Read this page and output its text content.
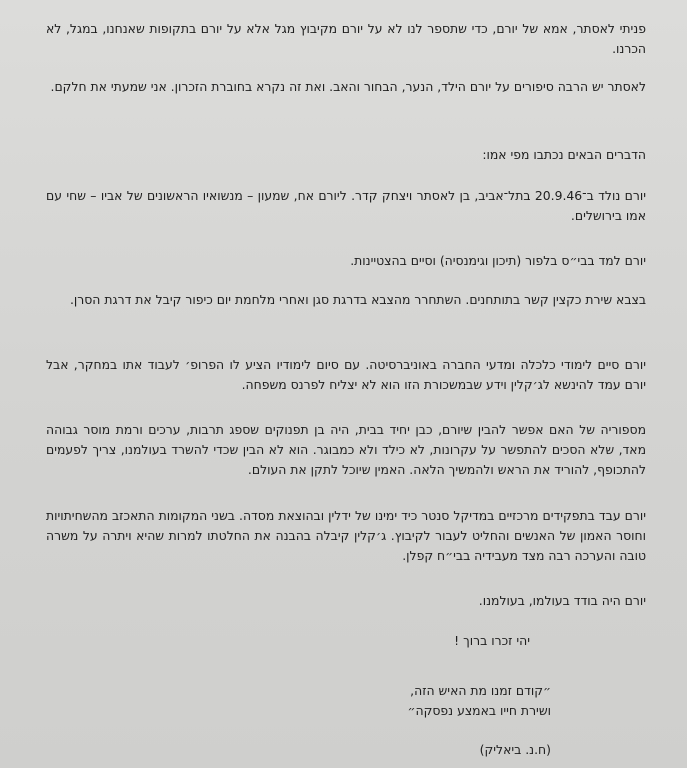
פניתי לאסתר, אמא של יורם, כדי שתספר לנו לא על יורם מקיבוץ מגל אלא על יורם בתקופות שאנחנו, במגל, לא הכרנו.

לאסתר יש הרבה סיפורים על יורם הילד, הנער, הבחור והאב. ואת זה נקרא בחוברת הזכרון. אני שמעתי את חלקם.

הדברים הבאים נכתבו מפי אמו:

יורם נולד ב־20.9.46 בתל־אביב, בן לאסתר ויצחק קדר. ליורם אח, שמעון – מנשואיו הראשונים של אביו – שחי עם אמו בירושלים.

יורם למד בבי״ס בלפור (תיכון וגימנסיה) וסיים בהצטיינות.

בצבא שירת כקצין קשר בתותחנים. השתחרר מהצבא בדרגת סגן ואחרי מלחמת יום כיפור קיבל את דרגת הסרן.

יורם סיים לימודי כלכלה ומדעי החברה באוניברסיטה. עם סיום לימודיו הציע לו הפרופ׳ לעבוד אתו במחקר, אבל יורם עמד להינשא לג׳קלין וידע שבמשכורת הזו הוא לא יצליח לפרנס משפחה.

מספוריה של האם אפשר להבין שיורם, כבן יחיד בבית, היה בן תפנוקים שספג תרבות, ערכים ורמת מוסר גבוהה מאד, שלא הסכים להתפשר על עקרונות, לא כילד ולא כמבוגר. הוא לא הבין שכדי להשרד בעולמנו, צריך לפעמים להתכופף, להוריד את הראש ולהמשיך הלאה. האמין שיוכל לתקן את העולם.

יורם עבד בתפקידים מרכזיים במדיקל סנטר כיד ימינו של ידלין ובהוצאת מסדה. בשני המקומות התאכזב מהשחיתויות וחוסר האמון של האנשים והחליט לעבור לקיבוץ. ג׳קלין קיבלה בהבנה את החלטתו למרות שהיא ויתרה על משרה טובה והערכה רבה מצד מעבידיה בבי״ח קפלן.

יורם היה בודד בעולמו, בעולמנו.

יהי זכרו ברוך !
״קודם זמנו מת האיש הזה,
ושירת חייו באמצע נפסקה״
(ח.נ. ביאליק)
